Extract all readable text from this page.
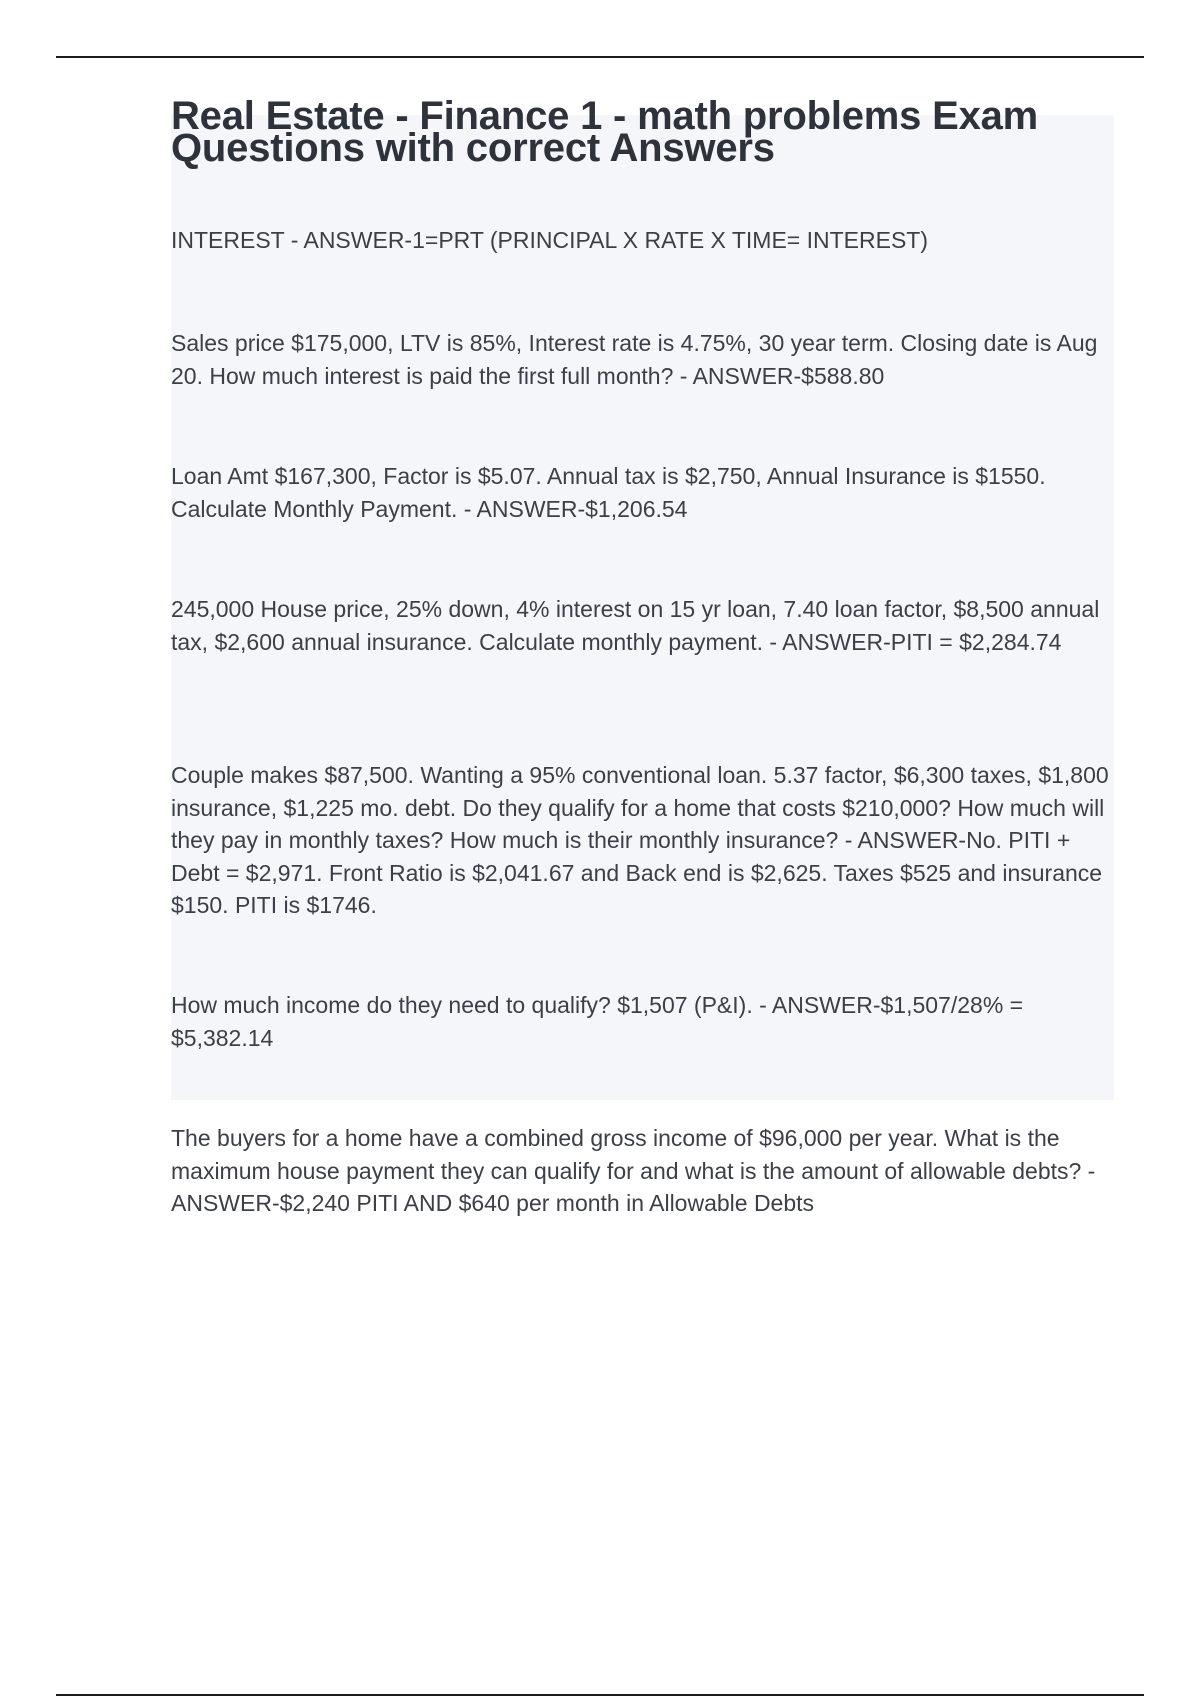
Real Estate - Finance 1 - math problems Exam Questions with correct Answers

INTEREST - ANSWER-1=PRT (PRINCIPAL X RATE X TIME= INTEREST)

Sales price $175,000, LTV is 85%, Interest rate is 4.75%, 30 year term. Closing date is Aug 20. How much interest is paid the first full month? - ANSWER-$588.80

Loan Amt $167,300, Factor is $5.07. Annual tax is $2,750, Annual Insurance is $1550. Calculate Monthly Payment. - ANSWER-$1,206.54

245,000 House price, 25% down, 4% interest on 15 yr loan, 7.40 loan factor, $8,500 annual tax, $2,600 annual insurance. Calculate monthly payment. - ANSWER-PITI = $2,284.74

Couple makes $87,500. Wanting a 95% conventional loan. 5.37 factor, $6,300 taxes, $1,800 insurance, $1,225 mo. debt. Do they qualify for a home that costs $210,000? How much will they pay in monthly taxes? How much is their monthly insurance? - ANSWER-No. PITI + Debt = $2,971. Front Ratio is $2,041.67 and Back end is $2,625. Taxes $525 and insurance $150. PITI is $1746.

How much income do they need to qualify? $1,507 (P&I). - ANSWER-$1,507/28% = $5,382.14

The buyers for a home have a combined gross income of $96,000 per year. What is the maximum house payment they can qualify for and what is the amount of allowable debts? - ANSWER-$2,240 PITI AND $640 per month in Allowable Debts
